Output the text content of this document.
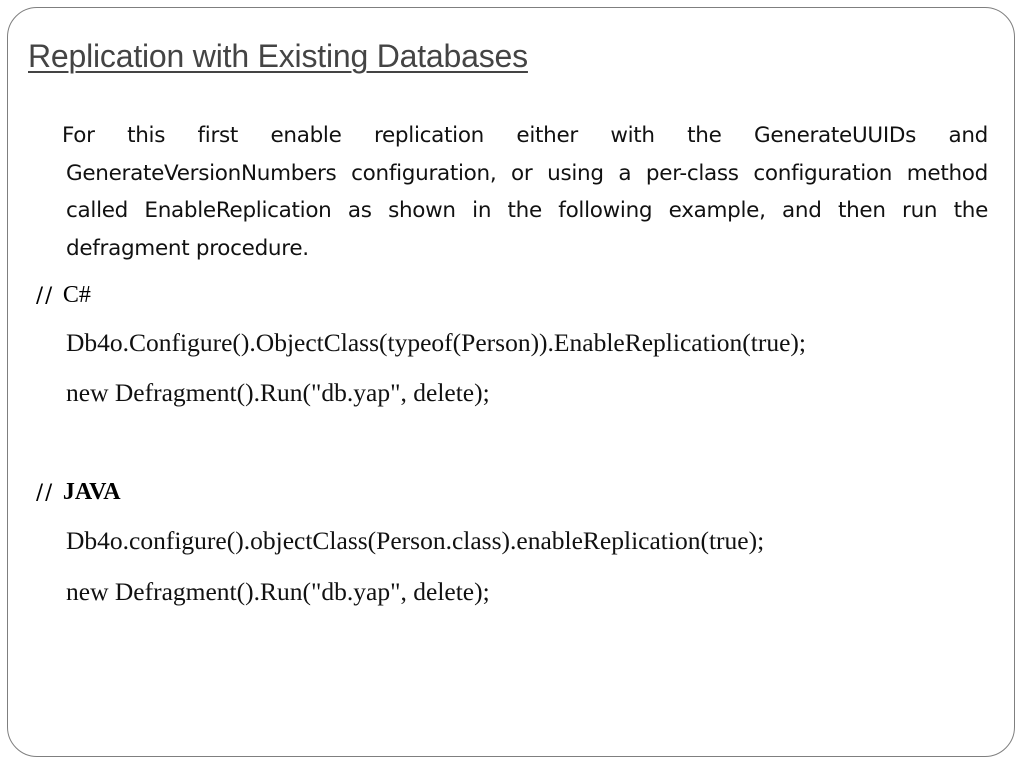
Replication with Existing Databases

For this first enable replication either with the GenerateUUIDs and GenerateVersionNumbers configuration, or using a per-class configuration method called EnableReplication as shown in the following example, and then run the defragment procedure.

// C#
Db4o.Configure().ObjectClass(typeof(Person)).EnableReplication(true);
new Defragment().Run("db.yap", delete);
// JAVA
Db4o.configure().objectClass(Person.class).enableReplication(true);
new Defragment().Run("db.yap", delete);
